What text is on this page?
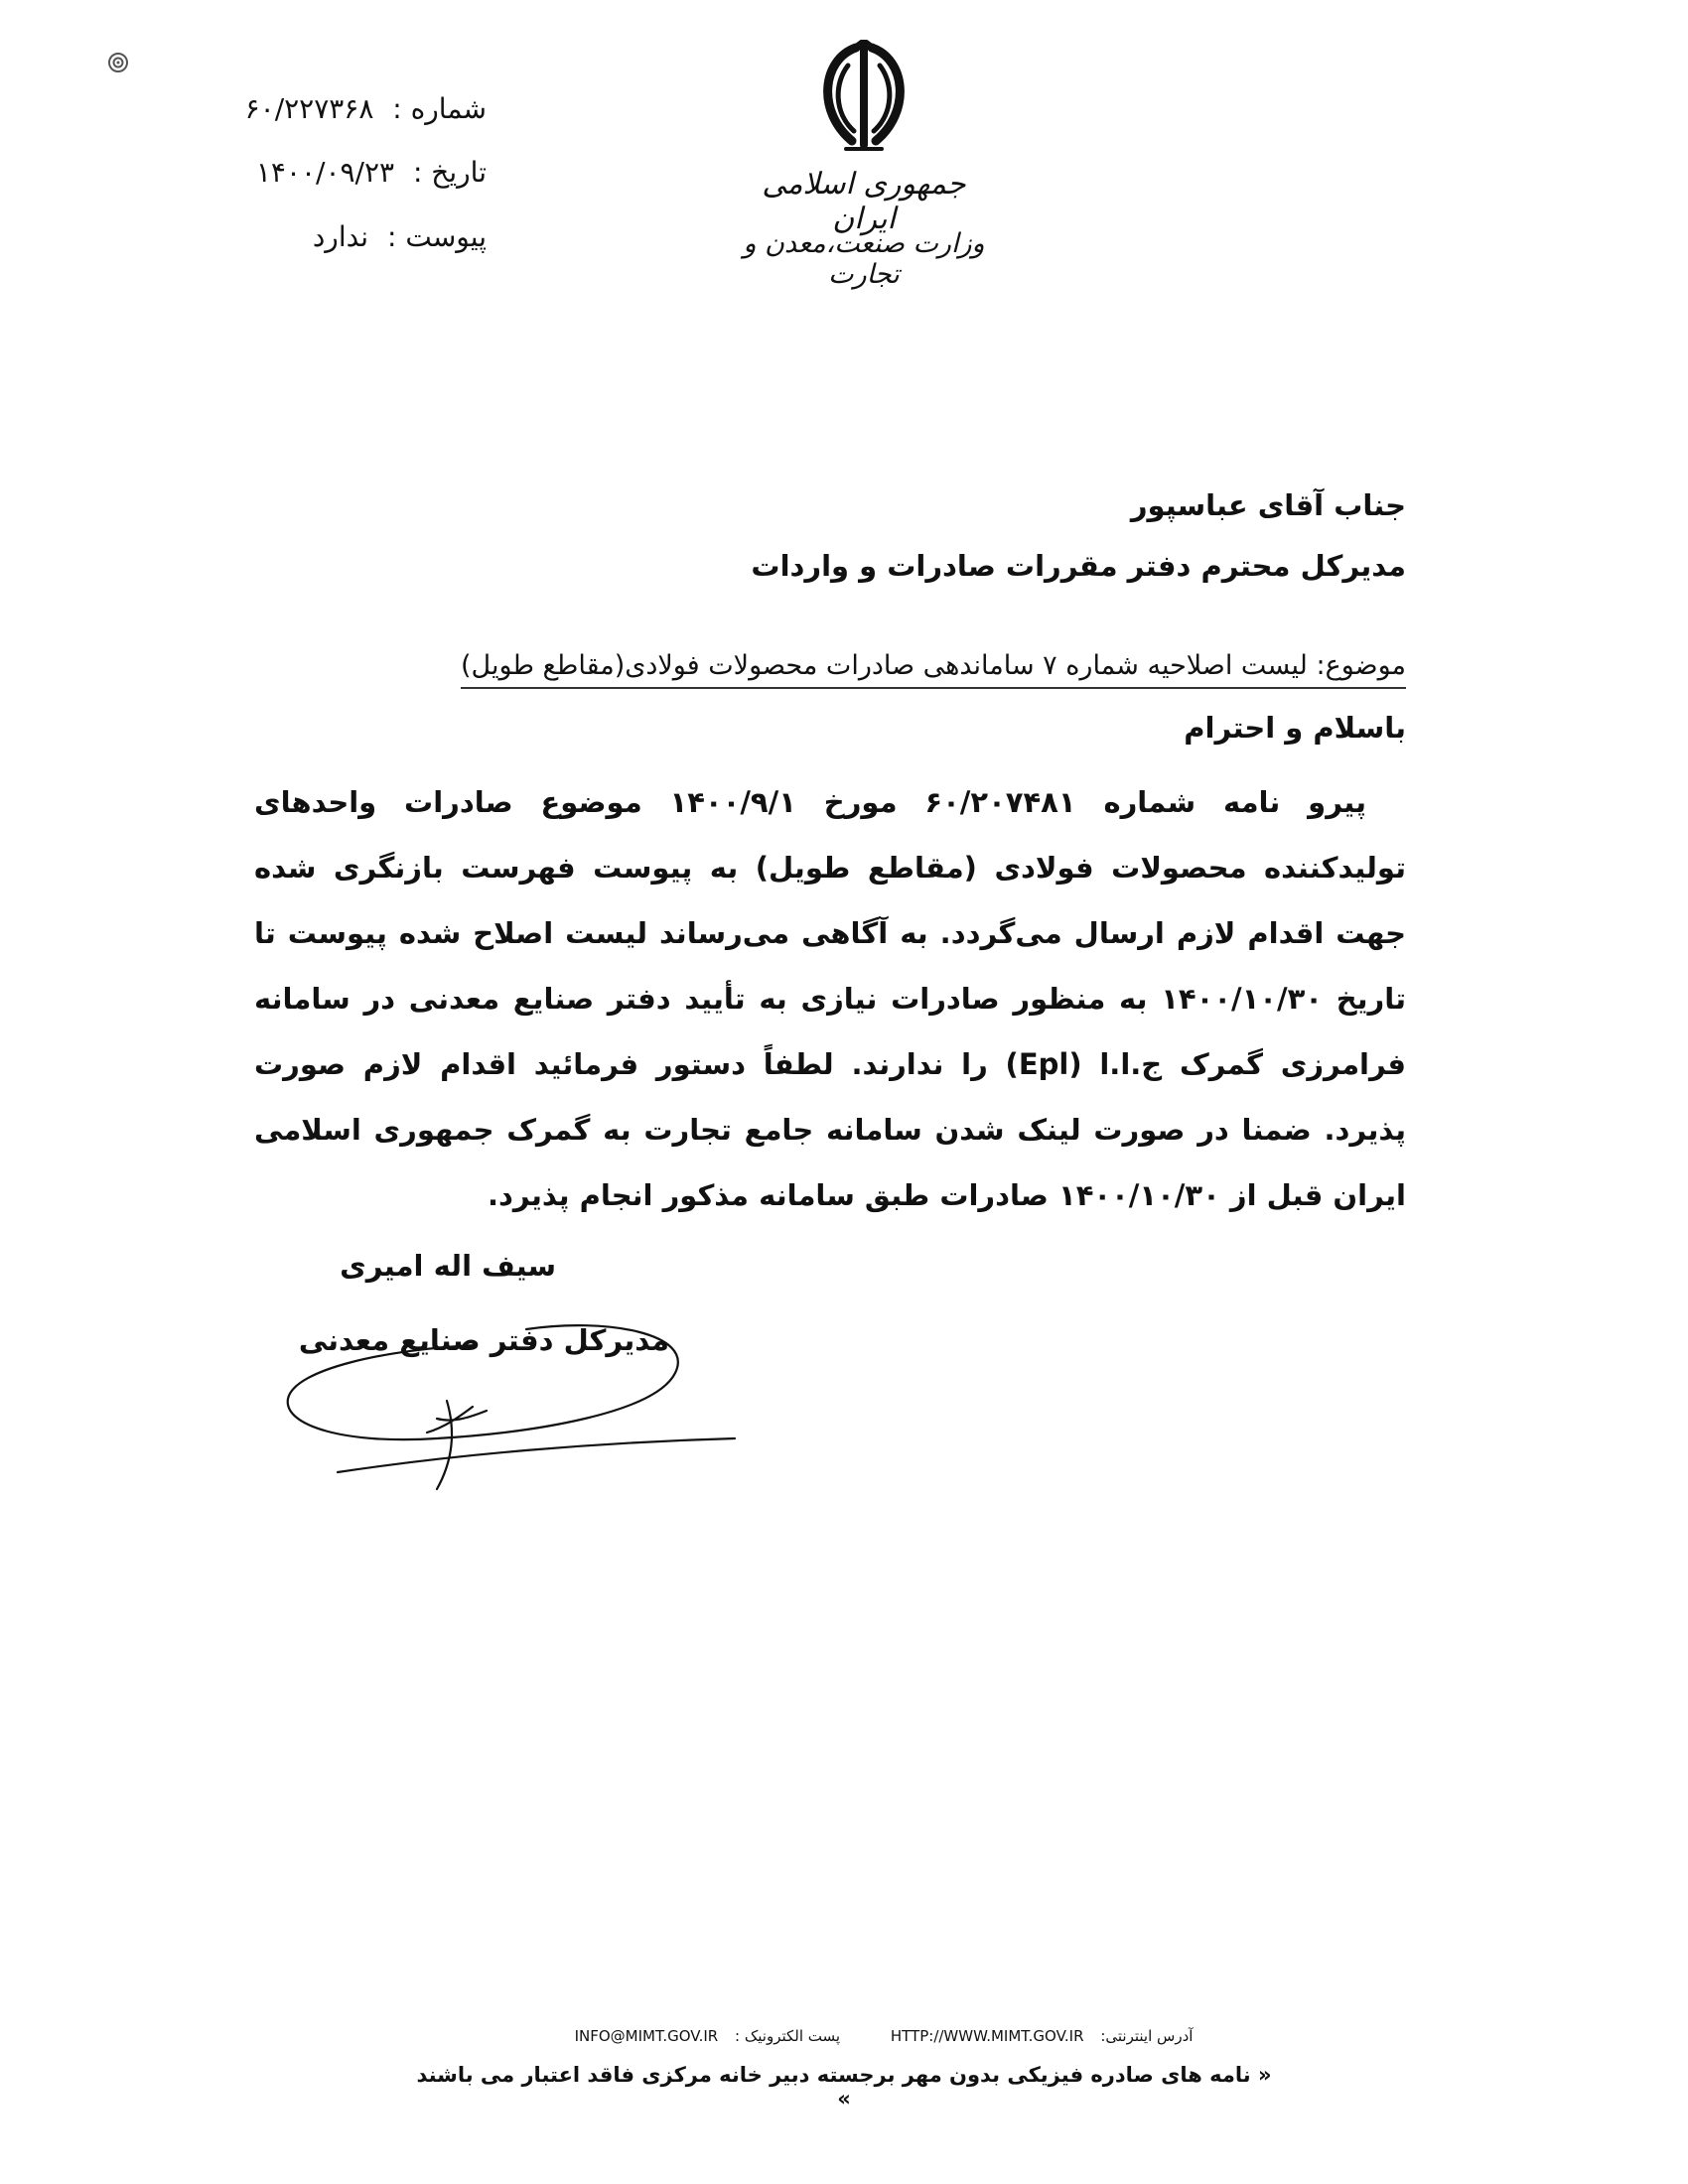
شماره : ۶۰/۲۲۷۳۶۸
تاریخ : ۱۴۰۰/۰۹/۲۳
پیوست : ندارد
جمهوری اسلامی ایران
وزارت صنعت،معدن و تجارت
جناب آقای عباسپور
مدیرکل محترم دفتر مقررات صادرات و واردات
موضوع: لیست اصلاحیه شماره ۷ ساماندهی صادرات محصولات فولادی(مقاطع طویل)
باسلام و احترام
پیرو نامه شماره ۶۰/۲۰۷۴۸۱ مورخ ۱۴۰۰/۹/۱ موضوع صادرات واحدهای تولیدکننده محصولات فولادی (مقاطع طویل) به پیوست فهرست بازنگری شده جهت اقدام لازم ارسال می‌گردد. به آگاهی می‌رساند لیست اصلاح شده پیوست تا تاریخ ۱۴۰۰/۱۰/۳۰ به منظور صادرات نیازی به تأیید دفتر صنایع معدنی در سامانه فرامرزی گمرک ج.ا.ا (Epl) را ندارند. لطفاً دستور فرمائید اقدام لازم صورت پذیرد. ضمنا در صورت لینک شدن سامانه جامع تجارت به گمرک جمهوری اسلامی ایران قبل از ۱۴۰۰/۱۰/۳۰ صادرات طبق سامانه مذکور انجام پذیرد.
سیف اله امیری
مدیرکل دفتر صنایع معدنی
INFO@MIMT.GOV.IR پست الکترونیک :	HTTP://WWW.MIMT.GOV.IR آدرس اینترنتی:
« نامه های صادره فیزیکی بدون مهر برجسته دبیر خانه مرکزی فاقد اعتبار می باشند »
